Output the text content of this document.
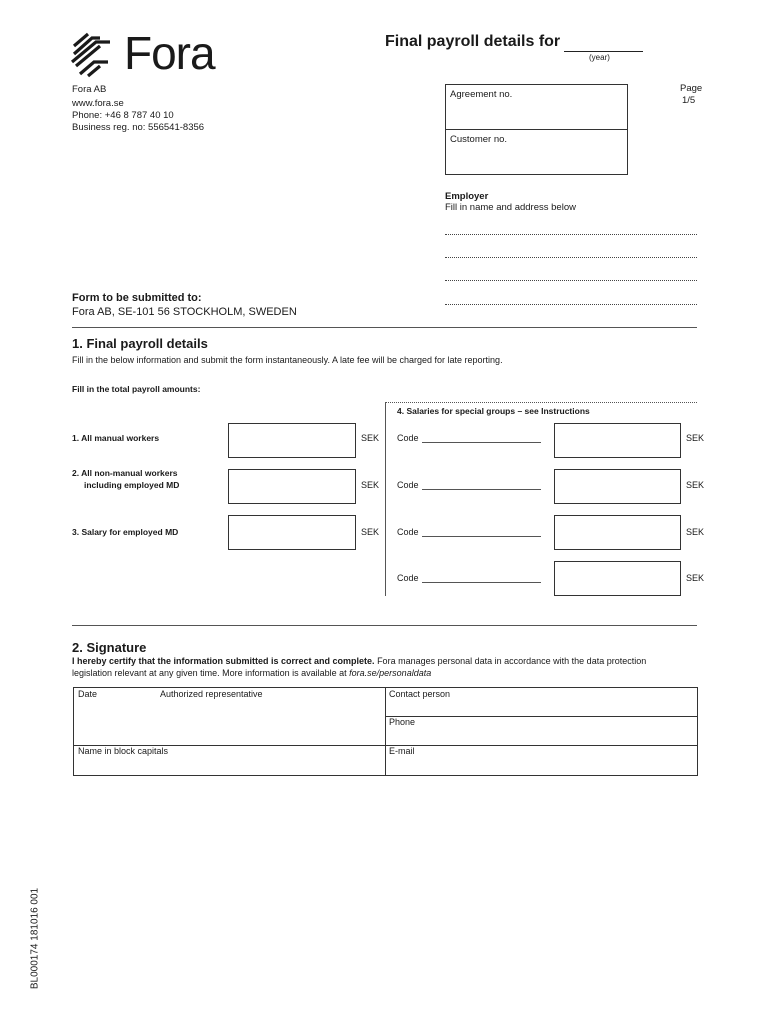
Fora	Final payroll details for
(year)
Fora AB
www.fora.se
Phone: +46 8 787 40 10
Business reg. no: 556541-8356
Agreement no.
Customer no.
Page
1/5
Employer
Fill in name and address below
Form to be submitted to:
Fora AB, SE-101 56 STOCKHOLM, SWEDEN
1. Final payroll details
Fill in the below information and submit the form instantaneously. A late fee will be charged for late reporting.
Fill in the total payroll amounts:
4. Salaries for special groups – see Instructions
1. All manual workers	SEK
2. All non-manual workers
including employed MD	SEK
3. Salary for employed MD	SEK
Code	SEK
Code	SEK
Code	SEK
Code	SEK
2. Signature
I hereby certify that the information submitted is correct and complete. Fora manages personal data in accordance with the data protection
legislation relevant at any given time. More information is available at fora.se/personaldata
Date	Authorized representative	Contact person
Phone
Name in block capitals	E-mail
BL000174 181016 001
